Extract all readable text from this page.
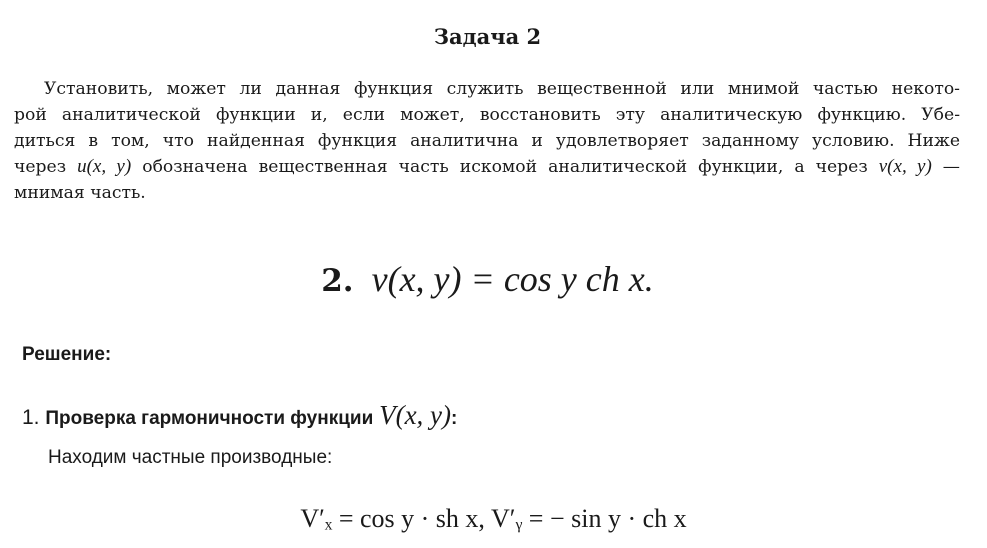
Задача 2
Установить, может ли данная функция служить вещественной или мнимой частью некото-
рой аналитической функции и, если может, восстановить эту аналитическую функцию. Убе-
диться в том, что найденная функция аналитична и удовлетворяет заданному условию. Ниже
через u(x, y) обозначена вещественная часть искомой аналитической функции, а через v(x, y) —
мнимая часть.
2. v(x, y) = cos y ch x.
Решение:
1. Проверка гармоничности функции V(x, y):
Находим частные производные:
V′ₓ = cos y · sh x, V′ᵧ = − sin y · ch x
